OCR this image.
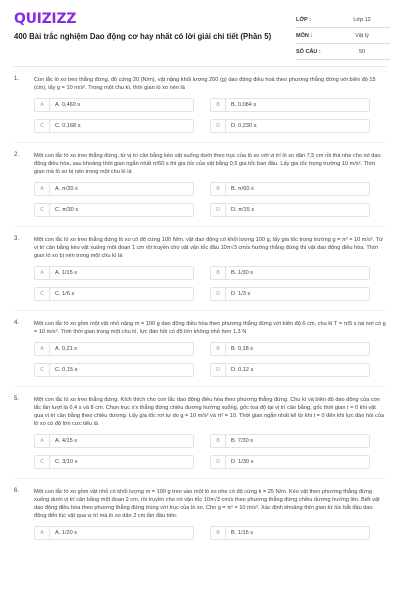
QUIZIZZ
400 Bài trắc nghiệm Dao động cơ hay nhất có lời giải chi tiết (Phần 5)
LỚP :	Lớp 12
MÔN :	Vật lý
SỐ CÂU :	50
1.	Con lắc lò xo treo thẳng đứng, độ cứng 20 (N/m), vật nặng khối lượng 200 (g) dao động điều hoà theo phương thẳng đứng với biên độ 15 (cm), lấy g = 10 m/s². Trong một chu kì, thời gian lò xo nén là
A	A. 0,460 s	B	B. 0,084 s
C	C. 0,168 s	D	D. 0,230 s
2.	Một con lắc lò xo treo thẳng đứng, từ vị trí cân bằng kéo vật xuống dưới theo trục của lò xo với vị trí lò xo dãn 7,5 cm rồi thả nhẹ cho nó dao động điều hòa, sau khoảng thời gian ngắn nhất π/60 s thì gia tốc của vật bằng 0,5 gia tốc ban đầu. Lấy gia tốc trọng trường 10 m/s². Thời gian mà lò xo bị nén trong một chu kì là
A	A. π/20 s	B	B. π/60 s
C	C. π/30 s	D	D. π/15 s
3.	Một con lắc lò xo treo thẳng đứng lò xo có độ cứng 100 N/m, vật dao động có khối lượng 100 g, lấy gia tốc trọng trường g = π² = 10 m/s². Từ vị trí cân bằng kéo vật xuống một đoạn 1 cm rồi truyền cho vật vận tốc đầu 10π√3 cm/s hướng thẳng đứng thì vật dao động điều hòa. Thời gian lò xo bị nén trong một chu kì là
A	A. 1/15 s	B	B. 1/30 s
C	C. 1/6 s	D	D. 1/3 s
4.	Một con lắc lò xo gồm một vật nhỏ nặng m = 100 g dao động điều hòa theo phương thẳng đứng với biên độ 6 cm, chu kì T = π/5 s tại nơi có g = 10 m/s². Tính thời gian trong một chu kì, lực đàn hồi có độ lớn không nhỏ hơn 1,3 N
A	A. 0,21 s	B	B. 0,18 s
C	C. 0,15 s	D	D. 0,12 s
5.	Một con lắc lò xo treo thẳng đứng. Kích thích cho con lắc dao động điều hòa theo phương thẳng đứng. Chu kì và biên độ dao động của con lắc lần lượt là 0,4 s và 8 cm. Chọn trục x'x thẳng đứng chiều dương hướng xuống, gốc tọa độ tại vị trí cân bằng, gốc thời gian t = 0 khi vật qua vị trí cân bằng theo chiều dương. Lấy gia tốc rơi tự do g = 10 m/s² và π² = 10. Thời gian ngắn nhất kể từ khi t = 0 đến khi lực đàn hồi của lò xo có độ lớn cực tiểu là
A	A. 4/15 s	B	B. 7/30 s
C	C. 3/10 s	D	D. 1/30 s
6.	Một con lắc lò xo gồm vật nhỏ có khối lượng m = 100 g treo vào một lò xo nhẹ có độ cứng k = 25 N/m. Kéo vật theo phương thẳng đứng xuống dưới vị trí cân bằng một đoạn 2 cm, rồi truyền cho nó vận tốc 10π√3 cm/s theo phương thẳng đứng chiều dương hướng lên. Biết vật dao động điều hòa theo phương thẳng đứng trùng với trục của lò xo. Cho g = π² = 10 m/s². Xác định khoảng thời gian từ lúc bắt đầu dao động đến lúc vật qua vị trí mà lò xo dãn 2 cm lần đầu tiên.
A	A. 1/20 s	B	B. 1/15 s
